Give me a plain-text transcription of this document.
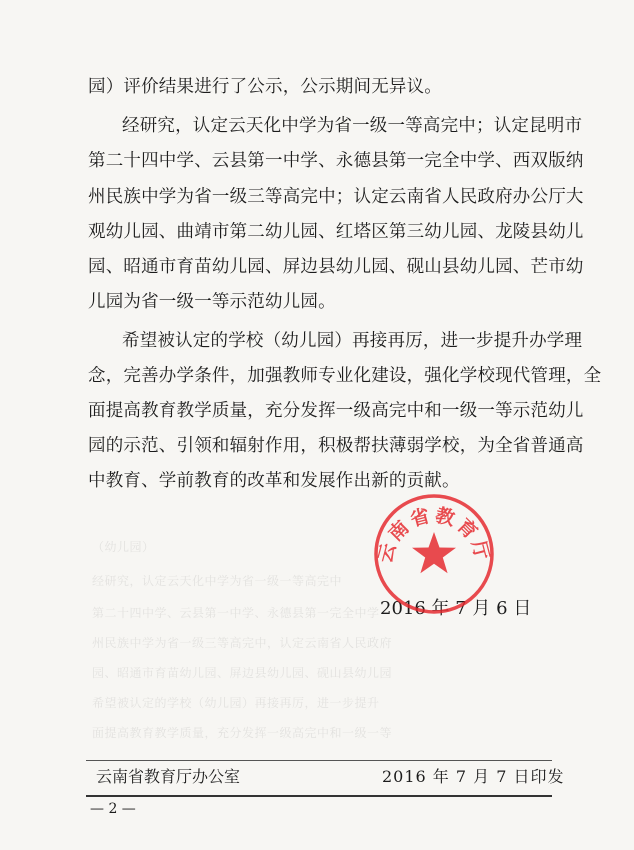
（幼儿园）
经研究，认定云天化中学为省一级一等高完中
第二十四中学、云县第一中学、永德县第一完全中学
州民族中学为省一级三等高完中，认定云南省人民政府
园、昭通市育苗幼儿园、屏边县幼儿园、砚山县幼儿园
希望被认定的学校（幼儿园）再接再厉，进一步提升
面提高教育教学质量，充分发挥一级高完中和一级一等
园）评价结果进行了公示，公示期间无异议。
经研究，认定云天化中学为省一级一等高完中；认定昆明市
第二十四中学、云县第一中学、永德县第一完全中学、西双版纳
州民族中学为省一级三等高完中；认定云南省人民政府办公厅大
观幼儿园、曲靖市第二幼儿园、红塔区第三幼儿园、龙陵县幼儿
园、昭通市育苗幼儿园、屏边县幼儿园、砚山县幼儿园、芒市幼
儿园为省一级一等示范幼儿园。
希望被认定的学校（幼儿园）再接再厉，进一步提升办学理
念，完善办学条件，加强教师专业化建设，强化学校现代管理，全
面提高教育教学质量，充分发挥一级高完中和一级一等示范幼儿
园的示范、引领和辐射作用，积极帮扶薄弱学校，为全省普通高
中教育、学前教育的改革和发展作出新的贡献。
2016 年 7 月 6 日
云南省教育厅
云南省教育厅办公室	2016 年 7 月 7 日印发
— 2 —
